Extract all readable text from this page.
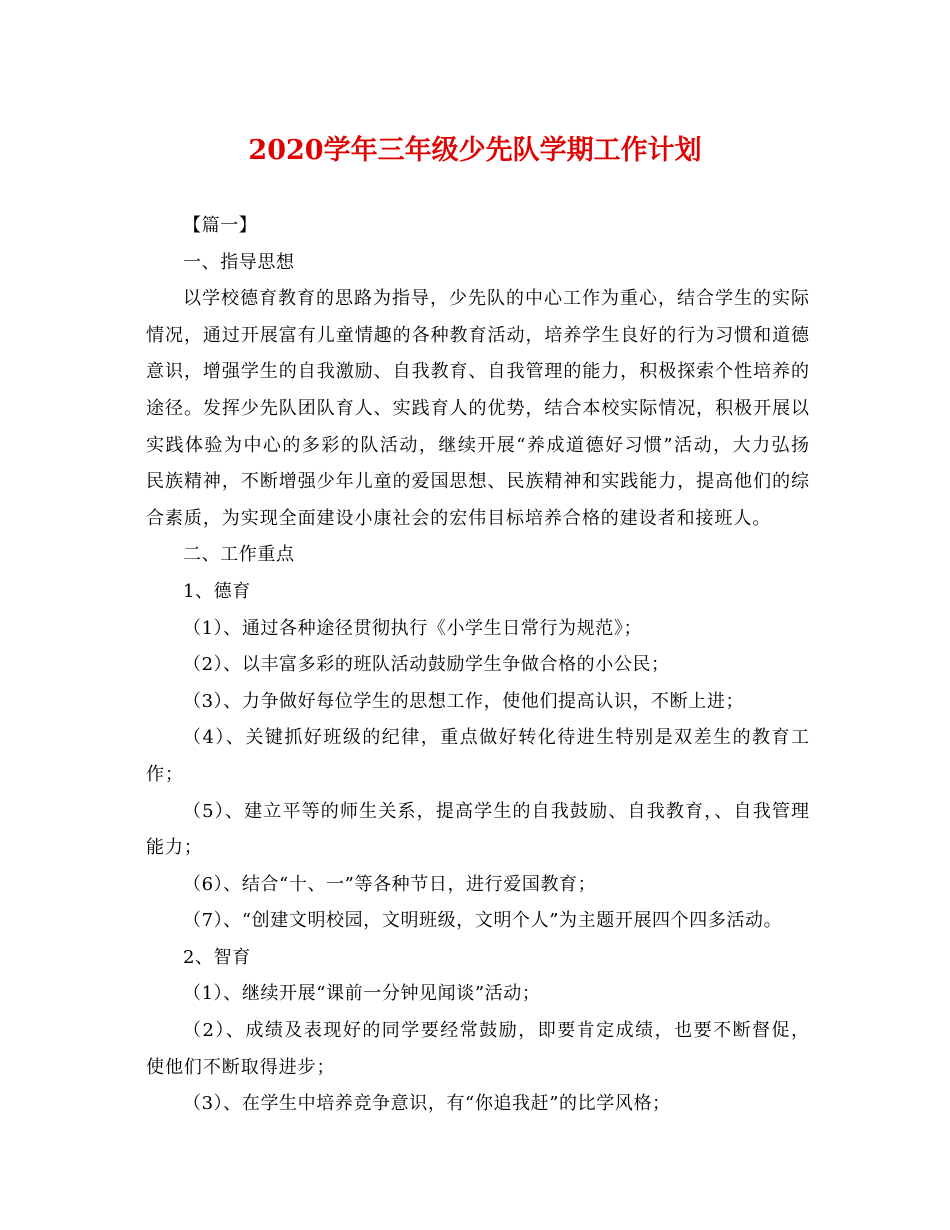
2020学年三年级少先队学期工作计划

【篇一】

一、指导思想

以学校德育教育的思路为指导，少先队的中心工作为重心，结合学生的实际情况，通过开展富有儿童情趣的各种教育活动，培养学生良好的行为习惯和道德意识，增强学生的自我激励、自我教育、自我管理的能力，积极探索个性培养的途径。发挥少先队团队育人、实践育人的优势，结合本校实际情况，积极开展以实践体验为中心的多彩的队活动，继续开展“养成道德好习惯”活动，大力弘扬民族精神，不断增强少年儿童的爱国思想、民族精神和实践能力，提高他们的综合素质，为实现全面建设小康社会的宏伟目标培养合格的建设者和接班人。

二、工作重点

1、德育

（1）、通过各种途径贯彻执行《小学生日常行为规范》；

（2）、以丰富多彩的班队活动鼓励学生争做合格的小公民；

（3）、力争做好每位学生的思想工作，使他们提高认识，不断上进；

（4）、关键抓好班级的纪律，重点做好转化待进生特别是双差生的教育工作；

（5）、建立平等的师生关系，提高学生的自我鼓励、自我教育，、自我管理能力；

（6）、结合“十、一”等各种节日，进行爱国教育；

（7）、“创建文明校园，文明班级，文明个人”为主题开展四个四多活动。

2、智育

（1）、继续开展“课前一分钟见闻谈”活动；

（2）、成绩及表现好的同学要经常鼓励，即要肯定成绩，也要不断督促，使他们不断取得进步；

（3）、在学生中培养竞争意识，有“你追我赶”的比学风格；
